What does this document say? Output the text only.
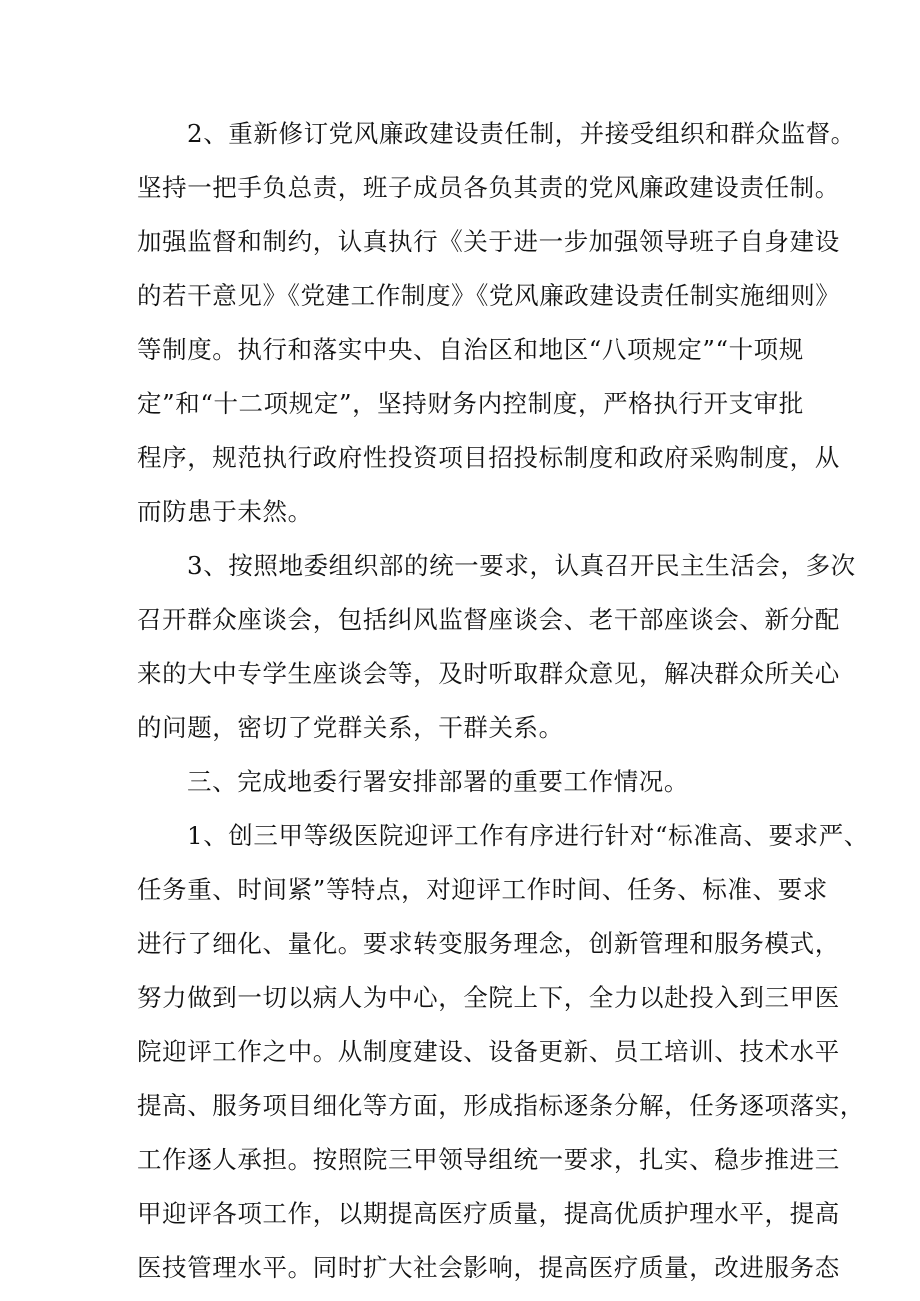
2、重新修订党风廉政建设责任制，并接受组织和群众监督。
坚持一把手负总责，班子成员各负其责的党风廉政建设责任制。
加强监督和制约，认真执行《关于进一步加强领导班子自身建设
的若干意见》《党建工作制度》《党风廉政建设责任制实施细则》
等制度。执行和落实中央、自治区和地区“八项规定”“十项规
定”和“十二项规定”，坚持财务内控制度，严格执行开支审批
程序，规范执行政府性投资项目招投标制度和政府采购制度，从
而防患于未然。
3、按照地委组织部的统一要求，认真召开民主生活会，多次
召开群众座谈会，包括纠风监督座谈会、老干部座谈会、新分配
来的大中专学生座谈会等，及时听取群众意见，解决群众所关心
的问题，密切了党群关系，干群关系。
三、完成地委行署安排部署的重要工作情况。
1、创三甲等级医院迎评工作有序进行针对“标准高、要求严、
任务重、时间紧”等特点，对迎评工作时间、任务、标准、要求
进行了细化、量化。要求转变服务理念，创新管理和服务模式，
努力做到一切以病人为中心，全院上下，全力以赴投入到三甲医
院迎评工作之中。从制度建设、设备更新、员工培训、技术水平
提高、服务项目细化等方面，形成指标逐条分解，任务逐项落实，
工作逐人承担。按照院三甲领导组统一要求，扎实、稳步推进三
甲迎评各项工作，以期提高医疗质量，提高优质护理水平，提高
医技管理水平。同时扩大社会影响，提高医疗质量，改进服务态
